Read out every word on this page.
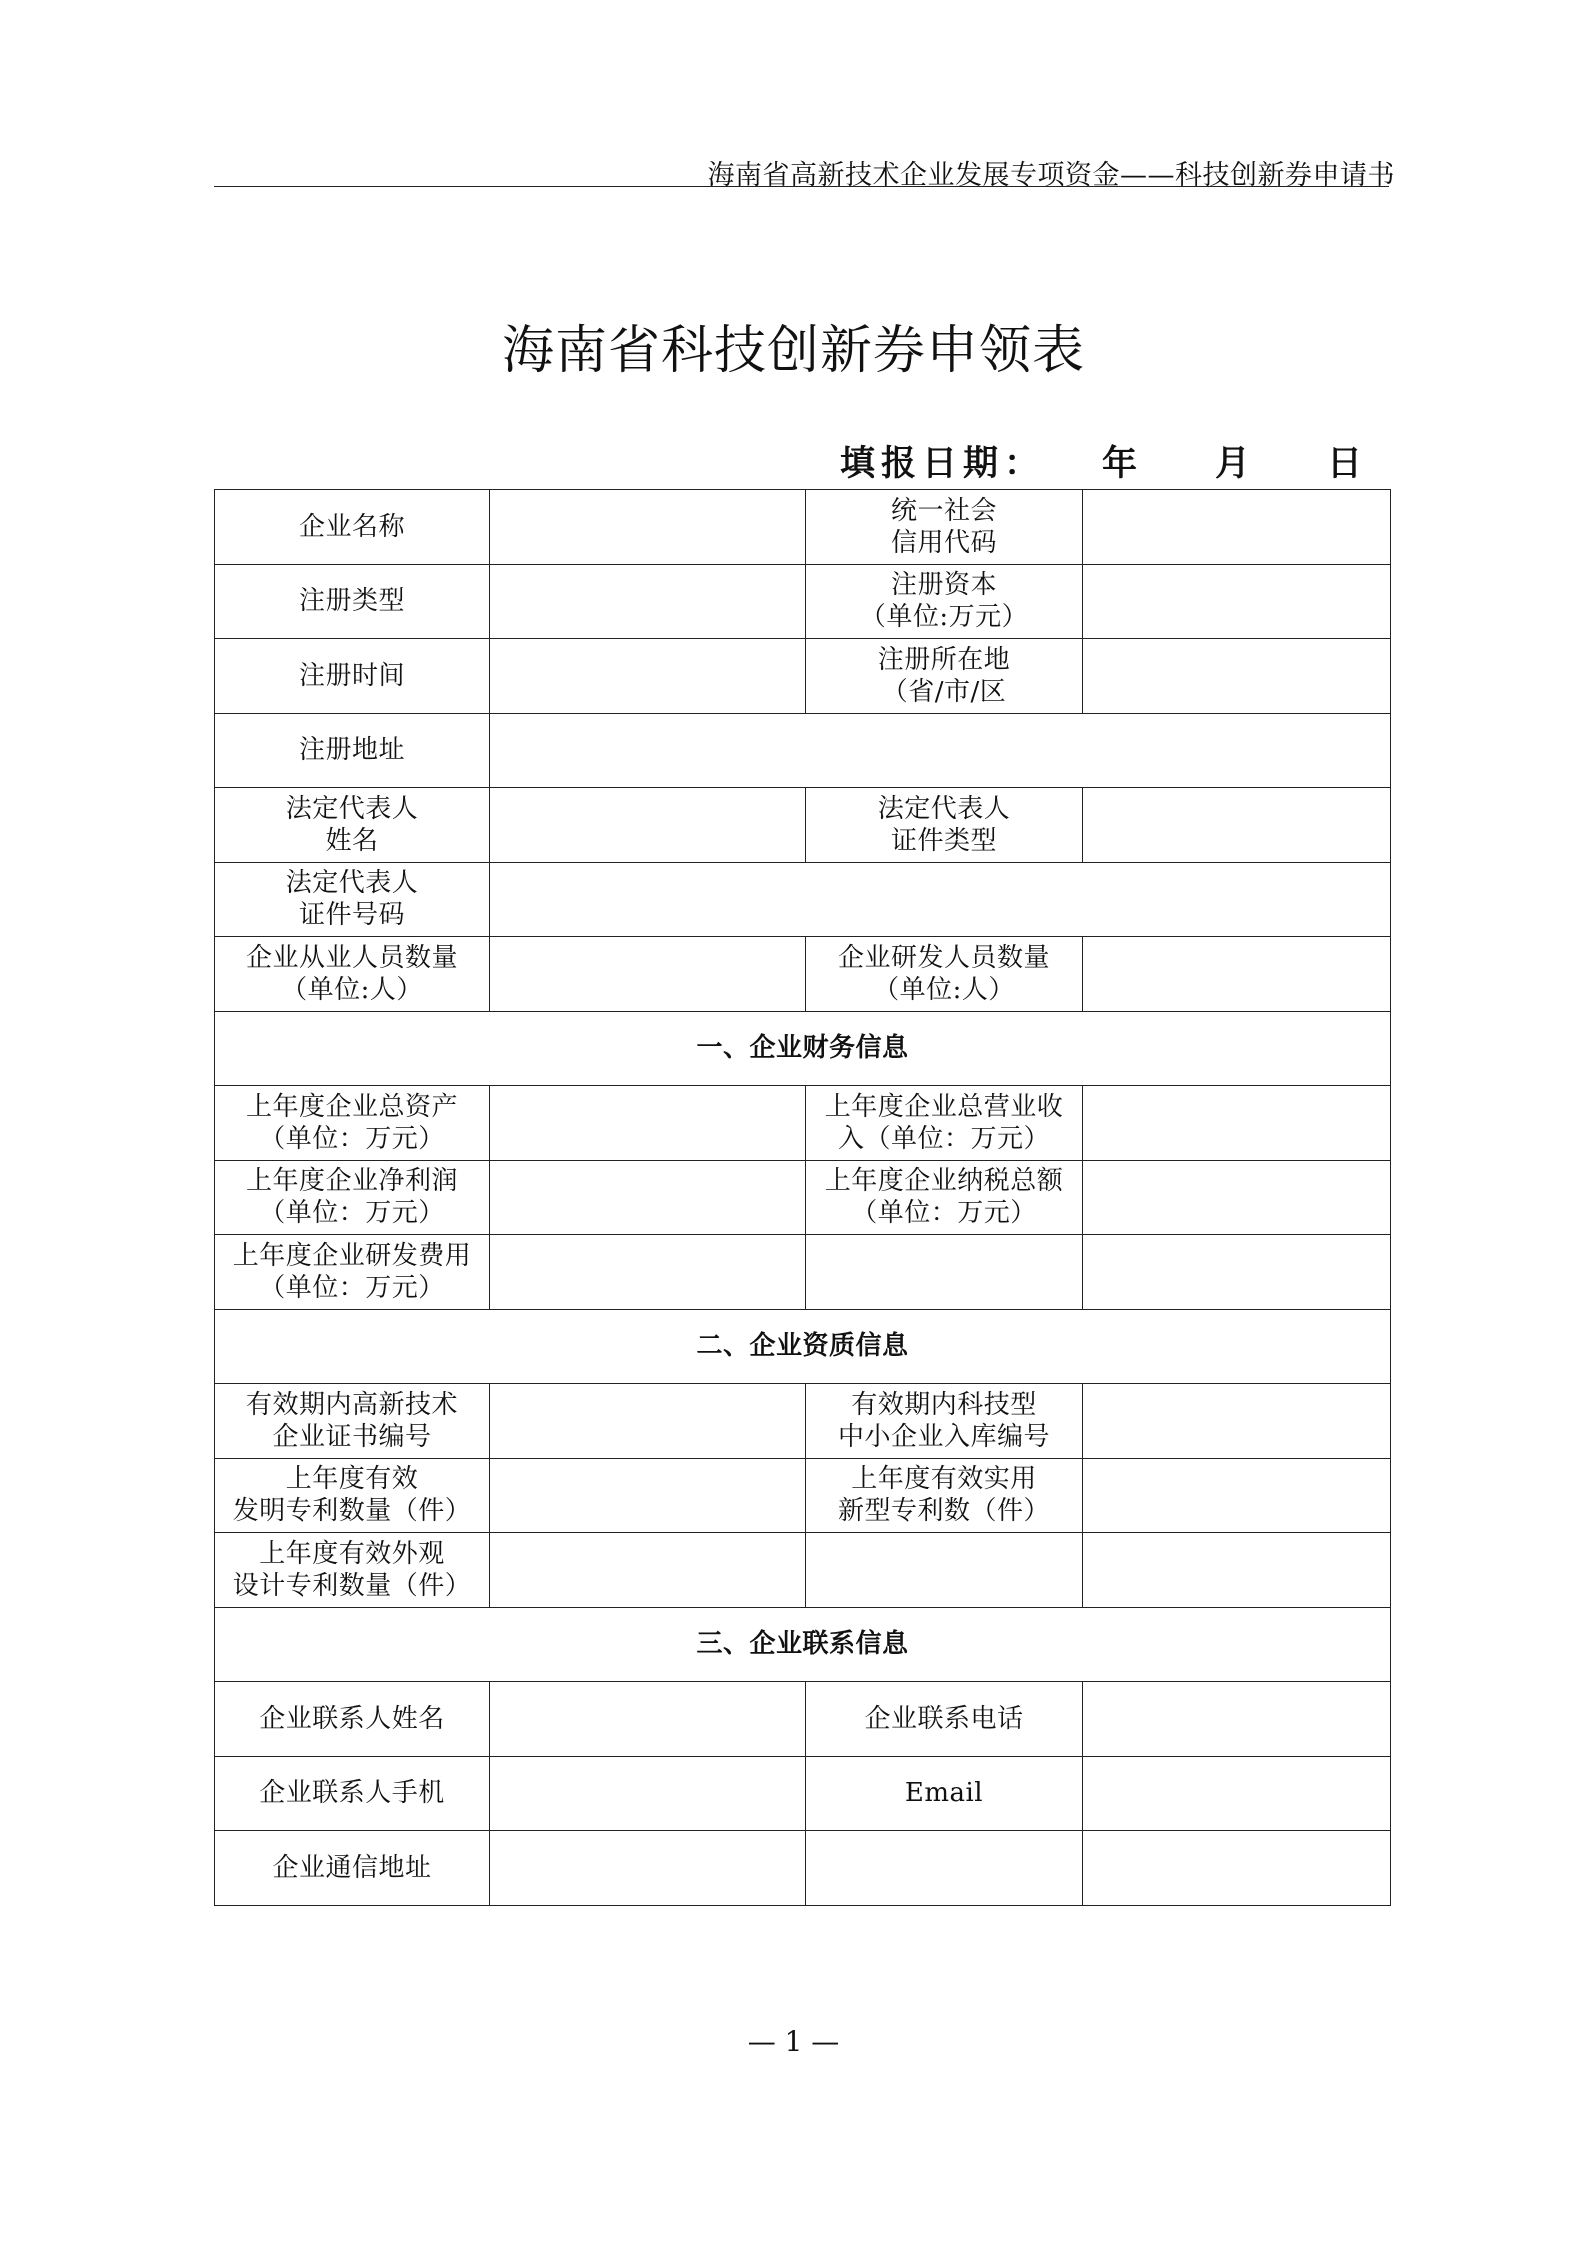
海南省高新技术企业发展专项资金——科技创新券申请书
海南省科技创新券申领表
填报日期： 年 月 日
企业名称		统一社会
信用代码	

注册类型		注册资本
（单位:万元）	

注册时间		注册所在地
（省/市/区	

注册地址			

法定代表人
姓名		法定代表人
证件类型	

法定代表人
证件号码			

企业从业人员数量
（单位:人）		企业研发人员数量
（单位:人）	

一、企业财务信息			

上年度企业总资产
（单位：万元）		上年度企业总营业收
入（单位：万元）	

上年度企业净利润
（单位：万元）		上年度企业纳税总额
（单位：万元）	

上年度企业研发费用
（单位：万元）			

二、企业资质信息			

有效期内高新技术
企业证书编号		有效期内科技型
中小企业入库编号	

上年度有效
发明专利数量（件）		上年度有效实用
新型专利数（件）	

上年度有效外观
设计专利数量（件）			

三、企业联系信息			
企业联系人姓名		企业联系电话	
企业联系人手机		Email	
企业通信地址			
— 1 —
